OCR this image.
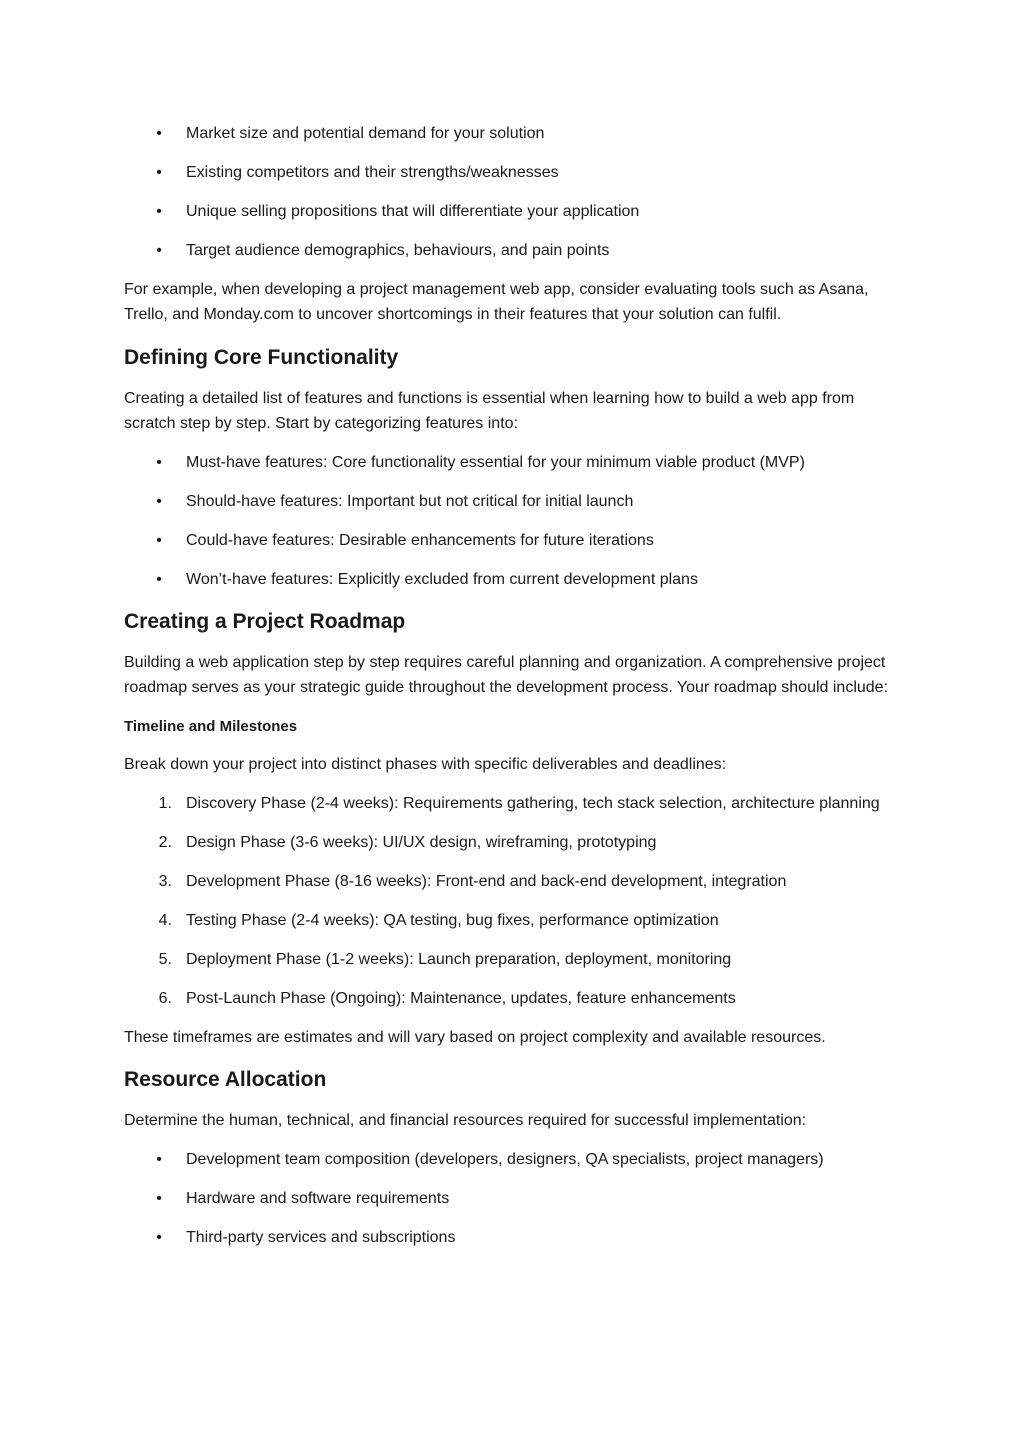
• Market size and potential demand for your solution
• Existing competitors and their strengths/weaknesses
• Unique selling propositions that will differentiate your application
• Target audience demographics, behaviours, and pain points

For example, when developing a project management web app, consider evaluating tools such as Asana, Trello, and Monday.com to uncover shortcomings in their features that your solution can fulfil.

Defining Core Functionality

Creating a detailed list of features and functions is essential when learning how to build a web app from scratch step by step. Start by categorizing features into:

• Must-have features: Core functionality essential for your minimum viable product (MVP)
• Should-have features: Important but not critical for initial launch
• Could-have features: Desirable enhancements for future iterations
• Won’t-have features: Explicitly excluded from current development plans
Creating a Project Roadmap

Building a web application step by step requires careful planning and organization. A comprehensive project roadmap serves as your strategic guide throughout the development process. Your roadmap should include:

Timeline and Milestones

Break down your project into distinct phases with specific deliverables and deadlines:

1. Discovery Phase (2-4 weeks): Requirements gathering, tech stack selection, architecture planning
2. Design Phase (3-6 weeks): UI/UX design, wireframing, prototyping
3. Development Phase (8-16 weeks): Front-end and back-end development, integration
4. Testing Phase (2-4 weeks): QA testing, bug fixes, performance optimization
5. Deployment Phase (1-2 weeks): Launch preparation, deployment, monitoring
6. Post-Launch Phase (Ongoing): Maintenance, updates, feature enhancements

These timeframes are estimates and will vary based on project complexity and available resources.

Resource Allocation

Determine the human, technical, and financial resources required for successful implementation:

• Development team composition (developers, designers, QA specialists, project managers)
• Hardware and software requirements
• Third-party services and subscriptions
